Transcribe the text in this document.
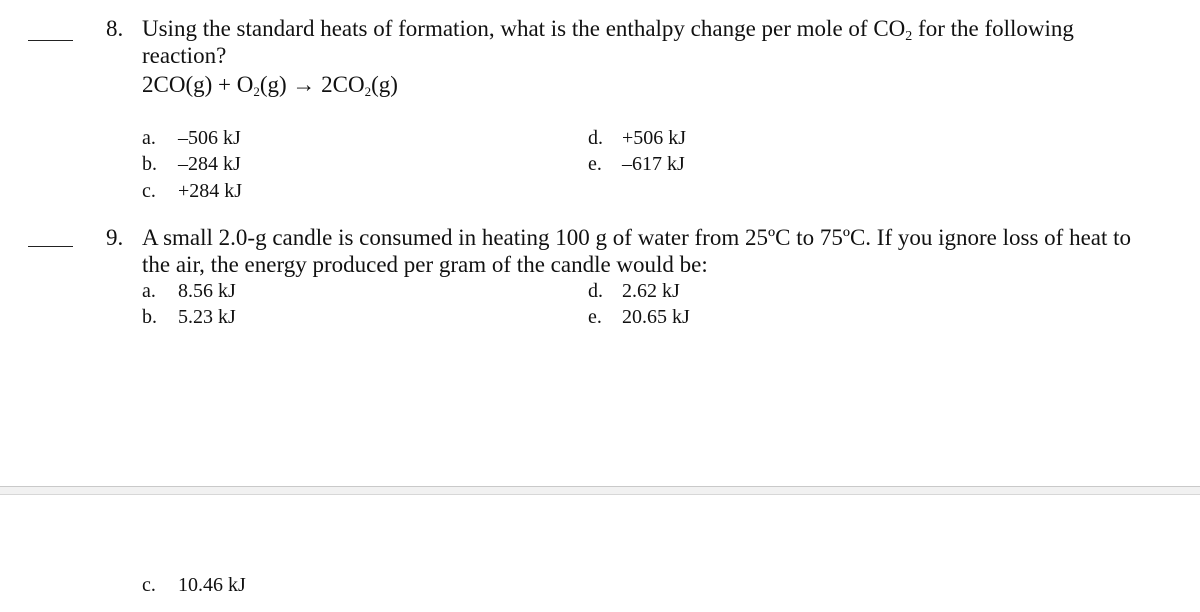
8. Using the standard heats of formation, what is the enthalpy change per mole of $CO_2$ for the following
reaction?
2CO(g) + O2(g) → 2CO2(g)
a. –506 kJ
b. –284 kJ
c. +284 kJ
d. +506 kJ
e. –617 kJ
9. A small 2.0-g candle is consumed in heating 100 g of water from 25ºC to 75ºC. If you ignore loss of heat to
the air, the energy produced per gram of the candle would be:
a. 8.56 kJ
b. 5.23 kJ
d. 2.62 kJ
e. 20.65 kJ
c. 10.46 kJ
